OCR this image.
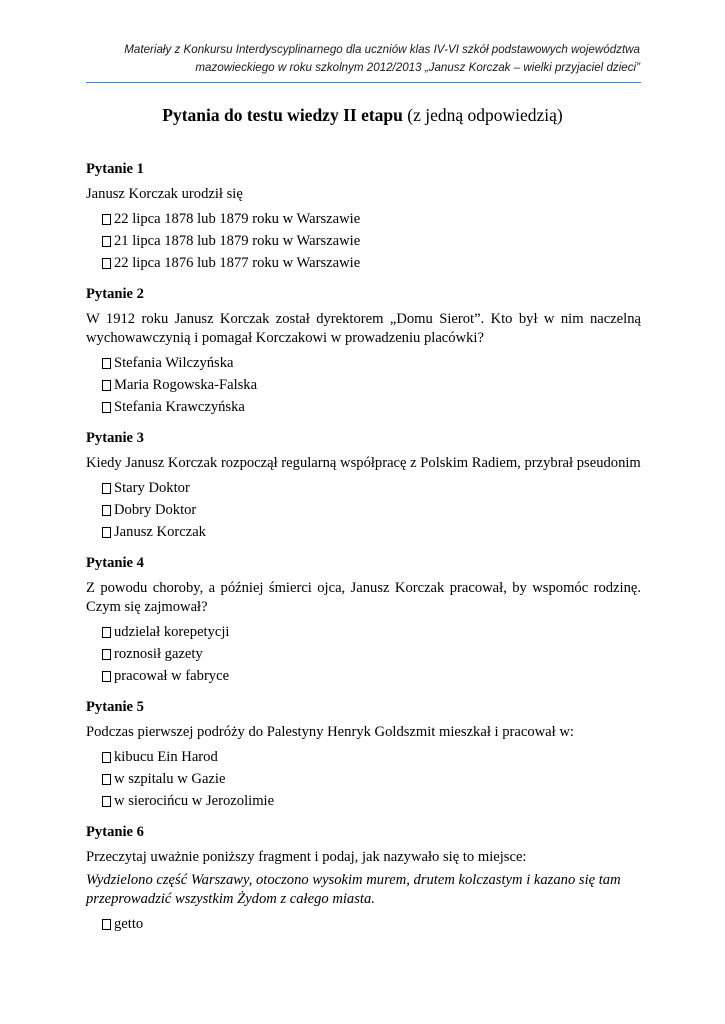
Materiały z Konkursu Interdyscyplinarnego dla uczniów klas IV-VI szkół podstawowych województwa
mazowieckiego w roku szkolnym 2012/2013 „Janusz Korczak – wielki przyjaciel dzieci”
Pytania do testu wiedzy II etapu (z jedną odpowiedzią)
Pytanie 1
Janusz Korczak urodził się
22 lipca 1878 lub 1879 roku w Warszawie
21 lipca 1878 lub 1879 roku w Warszawie
22 lipca 1876 lub 1877 roku w Warszawie
Pytanie 2
W 1912 roku Janusz Korczak został dyrektorem „Domu Sierot”. Kto był w nim naczelną wychowawczynią i pomagał Korczakowi w prowadzeniu placówki?
Stefania Wilczyńska
Maria Rogowska-Falska
Stefania Krawczyńska
Pytanie 3
Kiedy Janusz Korczak rozpoczął regularną współpracę z Polskim Radiem, przybrał pseudonim
Stary Doktor
Dobry Doktor
Janusz Korczak
Pytanie 4
Z powodu choroby, a później śmierci ojca, Janusz Korczak pracował, by wspomóc rodzinę. Czym się zajmował?
udzielał korepetycji
roznosił gazety
pracował w fabryce
Pytanie 5
Podczas pierwszej podróży do Palestyny Henryk Goldszmit mieszkał i pracował w:
kibucu Ein Harod
w szpitalu w Gazie
w sierocińcu w Jerozolimie
Pytanie 6
Przeczytaj uważnie poniższy fragment i podaj, jak nazywało się to miejsce:
Wydzielono część Warszawy, otoczono wysokim murem, drutem kolczastym i kazano się tam przeprowadzić wszystkim Żydom z całego miasta.
getto
